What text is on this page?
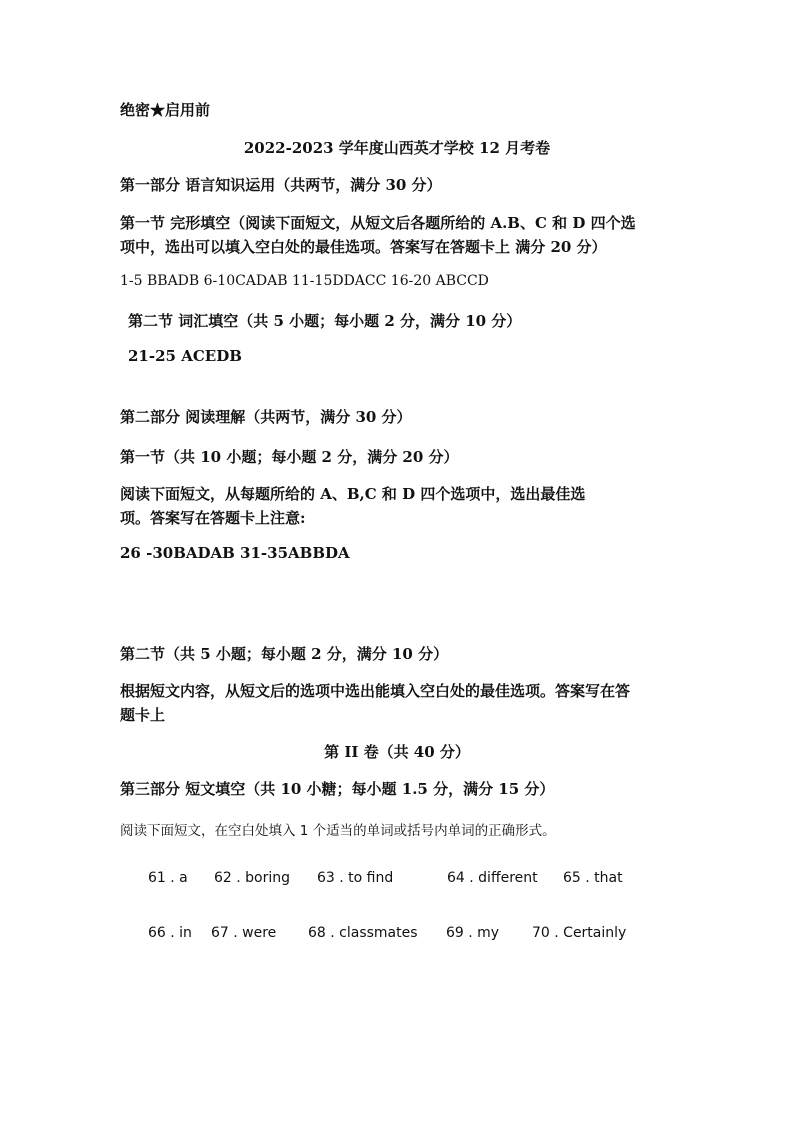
绝密★启用前
2022-2023 学年度山西英才学校 12 月考卷
第一部分 语言知识运用（共两节，满分 30 分）
第一节 完形填空（阅读下面短文，从短文后各题所给的 A.B、C 和 D 四个选
项中，选出可以填入空白处的最佳选项。答案写在答题卡上 满分 20 分）
1-5 BBADB 6-10CADAB 11-15DDACC 16-20 ABCCD
第二节 词汇填空（共 5 小题；每小题 2 分，满分 10 分）
21-25 ACEDB
第二部分 阅读理解（共两节，满分 30 分）
第一节（共 10 小题；每小题 2 分，满分 20 分）
阅读下面短文，从每题所给的 A、B,C 和 D 四个选项中，选出最佳选
项。答案写在答题卡上注意:
26 -30BADAB 31-35ABBDA
第二节（共 5 小题；每小题 2 分，满分 10 分）
根据短文内容，从短文后的选项中选出能填入空白处的最佳选项。答案写在答
题卡上
第 II 卷（共 40 分）
第三部分 短文填空（共 10 小糖；每小题 1.5 分，满分 15 分）
阅读下面短文，在空白处填入 1 个适当的单词或括号内单词的正确形式。
61 . a 62 . boring 63 . to find	64 . different 65 . that
66 . in 67 . were 68 . classmates 69 . my 70 . Certainly
